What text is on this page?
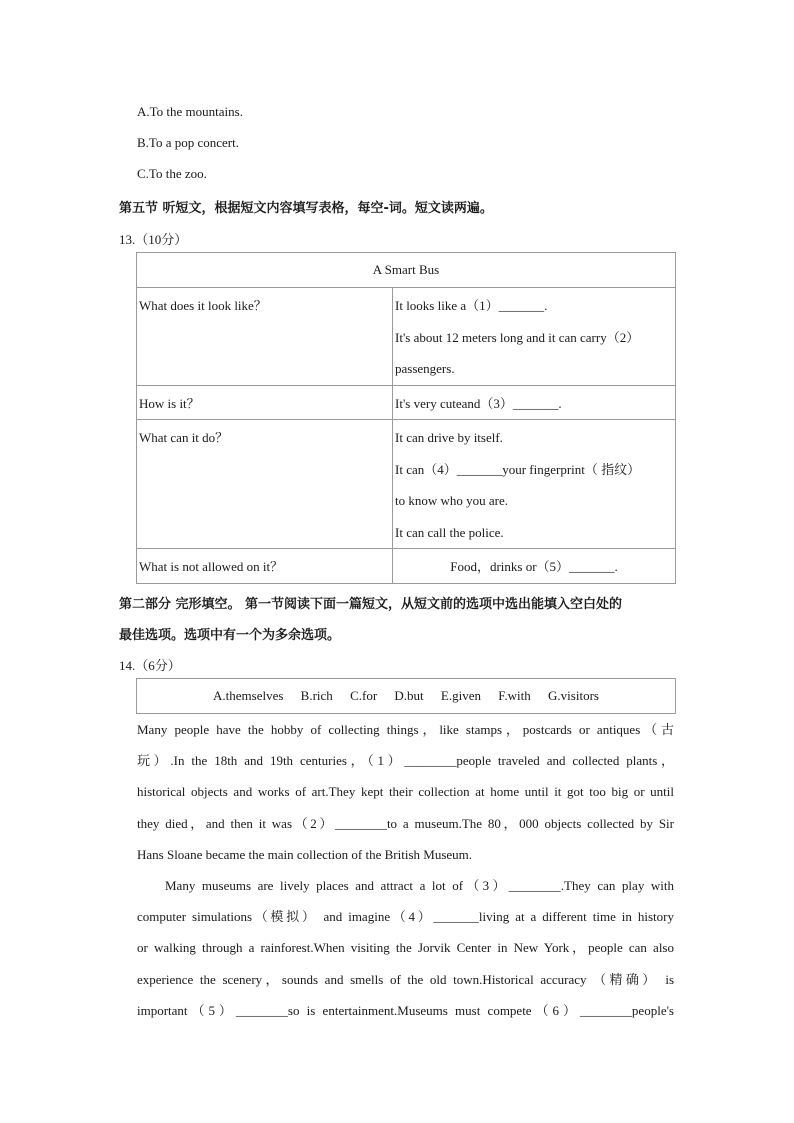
A.To the mountains.
B.To a pop concert.
C.To the zoo.
第五节 听短文，根据短文内容填写表格，每空-词。短文读两遍。
13.（10分）
A Smart Bus	
What does it look like？	It looks like a（1）_______.
It's about 12 meters long and it can carry（2）
passengers.

How is it？	It's very cuteand（3）_______.

What can it do？	It can drive by itself.
It can（4）_______your fingerprint（ 指纹）
to know who you are.
It can call the police.

What is not allowed on it？	Food，drinks or（5）_______.
第二部分 完形填空。 第一节阅读下面一篇短文，从短文前的选项中选出能填入空白处的
最佳选项。选项中有一个为多余选项。
14.（6分）
A.themselves B.rich C.for D.but E.given F.with G.visitors

Many people have the hobby of collecting things，like stamps，postcards or antiques（古

玩）.In the 18th and 19th centuries，（1）________people traveled and collected plants，

historical objects and works of art.They kept their collection at home until it got too big or until

they died，and then it was（2）________to a museum.The 80，000 objects collected by Sir

Hans Sloane became the main collection of the British Museum.

Many museums are lively places and attract a lot of（3）________.They can play with

computer simulations（模拟） and imagine（4）_______living at a different time in history

or walking through a rainforest.When visiting the Jorvik Center in New York，people can also

experience the scenery，sounds and smells of the old town.Historical accuracy （精确） is

important（5）________so is entertainment.Museums must compete（6）________people's
